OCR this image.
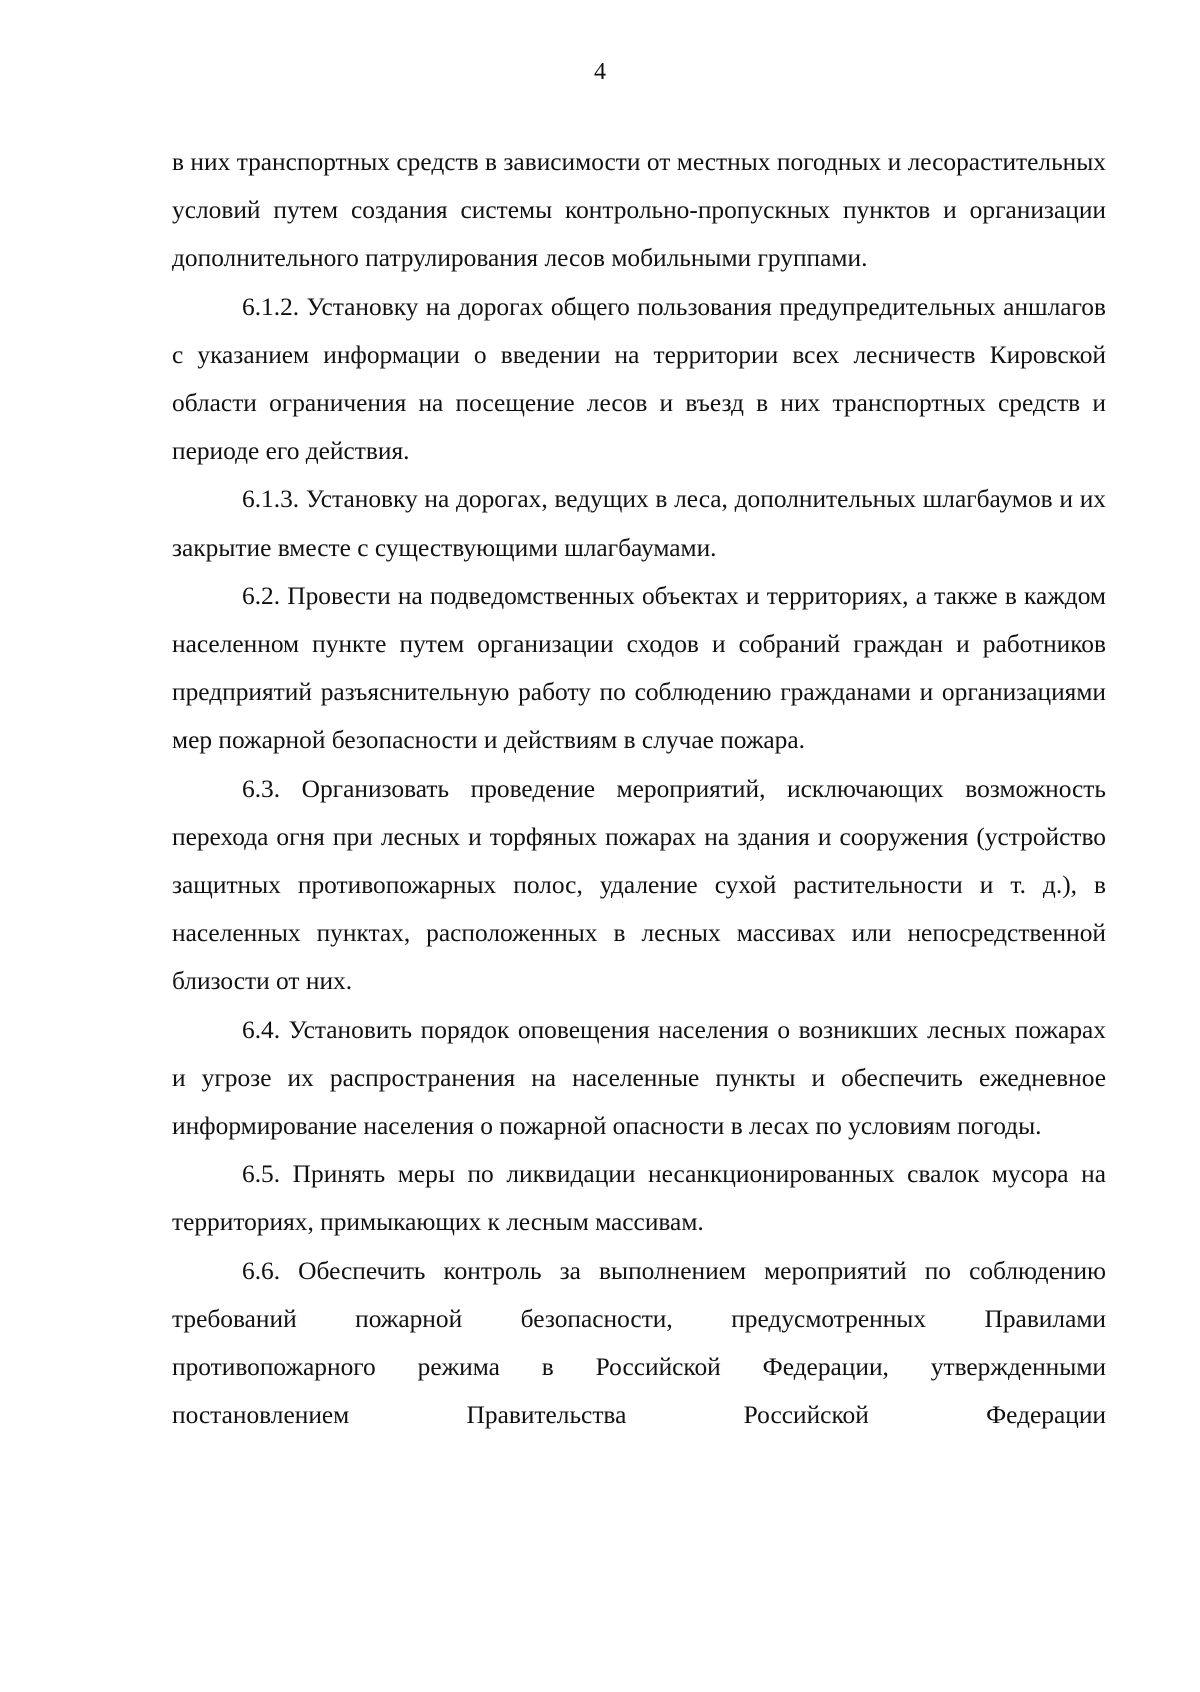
4

в них транспортных средств в зависимости от местных погодных и лесорастительных условий путем создания системы контрольно-пропускных пунктов и организации дополнительного патрулирования лесов мобильными группами.

6.1.2. Установку на дорогах общего пользования предупредительных аншлагов с указанием информации о введении на территории всех лесничеств Кировской области ограничения на посещение лесов и въезд в них транспортных средств и периоде его действия.

6.1.3. Установку на дорогах, ведущих в леса, дополнительных шлагбаумов и их закрытие вместе с существующими шлагбаумами.

6.2. Провести на подведомственных объектах и территориях, а также в каждом населенном пункте путем организации сходов и собраний граждан и работников предприятий разъяснительную работу по соблюдению гражданами и организациями мер пожарной безопасности и действиям в случае пожара.

6.3. Организовать проведение мероприятий, исключающих возможность перехода огня при лесных и торфяных пожарах на здания и сооружения (устройство защитных противопожарных полос, удаление сухой растительности и т. д.), в населенных пунктах, расположенных в лесных массивах или непосредственной близости от них.

6.4. Установить порядок оповещения населения о возникших лесных пожарах и угрозе их распространения на населенные пункты и обеспечить ежедневное информирование населения о пожарной опасности в лесах по условиям погоды.

6.5. Принять меры по ликвидации несанкционированных свалок мусора на территориях, примыкающих к лесным массивам.

6.6. Обеспечить контроль за выполнением мероприятий по соблюдению требований пожарной безопасности, предусмотренных Правилами противопожарного режима в Российской Федерации, утвержденными постановлением Правительства Российской Федерации
